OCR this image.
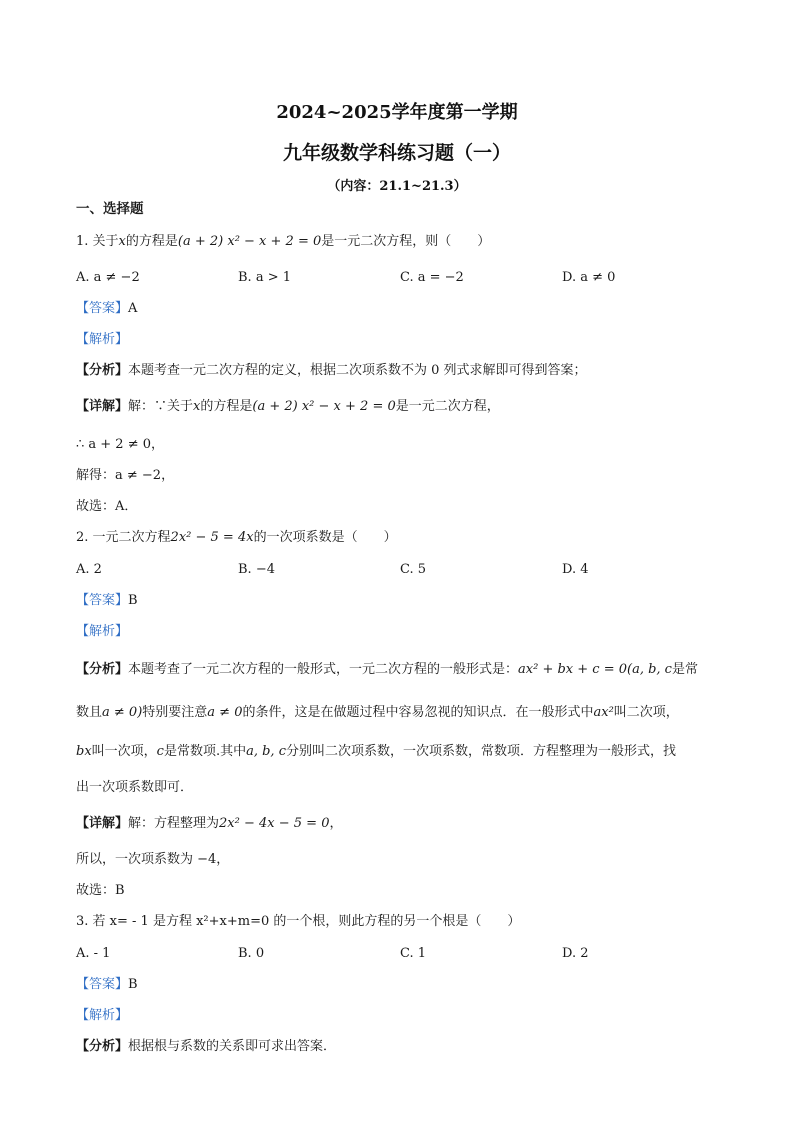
2024~2025学年度第一学期
九年级数学科练习题（一）
（内容：21.1~21.3）
一、选择题
1. 关于x的方程是(a + 2) x² − x + 2 = 0是一元二次方程，则（　　）
A. a ≠ −2	B. a > 1	C. a = −2	D. a ≠ 0
【答案】A
【解析】
【分析】本题考查一元二次方程的定义，根据二次项系数不为 0 列式求解即可得到答案；
【详解】解：∵关于x的方程是(a + 2) x² − x + 2 = 0是一元二次方程，
∴ a + 2 ≠ 0，
解得：a ≠ −2，
故选：A．
2. 一元二次方程2x² − 5 = 4x的一次项系数是（　　）
A. 2	B. −4	C. 5	D. 4
【答案】B
【解析】
【分析】本题考查了一元二次方程的一般形式，一元二次方程的一般形式是：ax² + bx + c = 0(a, b, c是常
数且a ≠ 0)特别要注意a ≠ 0的条件，这是在做题过程中容易忽视的知识点．在一般形式中ax²叫二次项，
bx叫一次项，c是常数项.其中a, b, c分别叫二次项系数，一次项系数，常数项．方程整理为一般形式，找
出一次项系数即可．
【详解】解：方程整理为2x² − 4x − 5 = 0，
所以，一次项系数为 −4，
故选：B
3. 若 x= - 1 是方程 x²+x+m=0 的一个根，则此方程的另一个根是（　　）
A. - 1	B. 0	C. 1	D. 2
【答案】B
【解析】
【分析】根据根与系数的关系即可求出答案．
